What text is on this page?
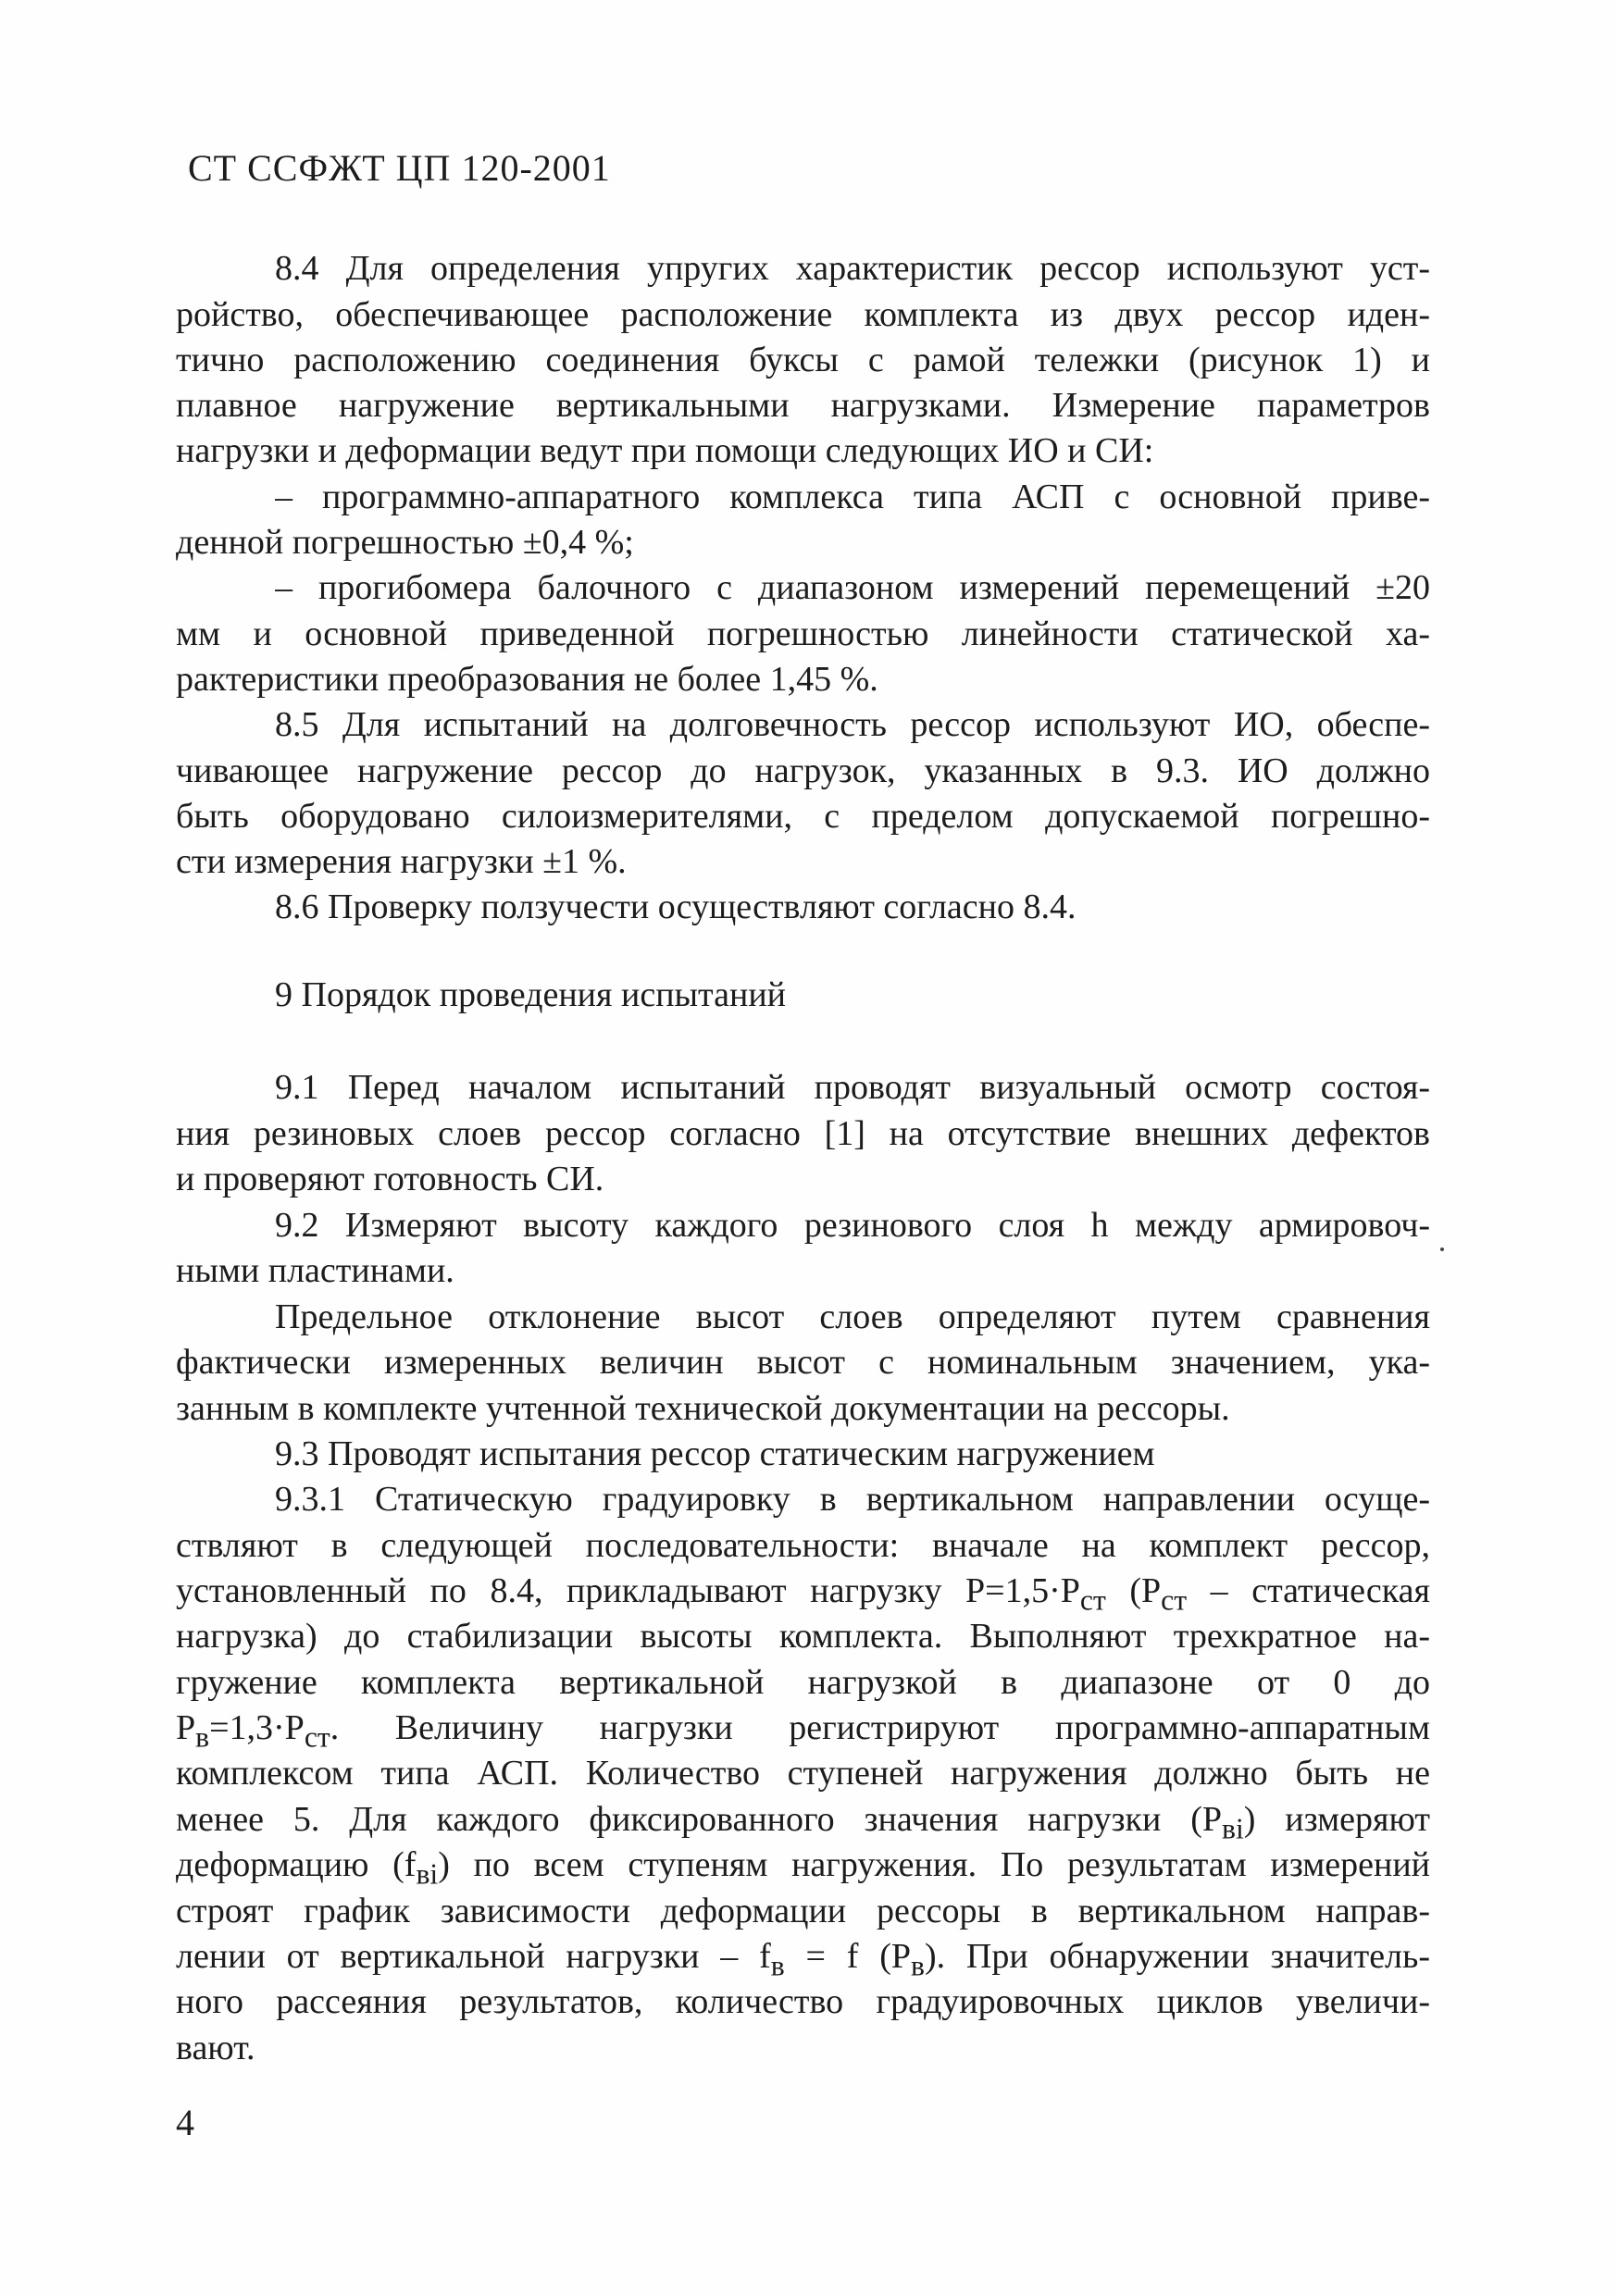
СТ ССФЖТ ЦП 120-2001
8.4 Для определения упругих характеристик рессор используют уст-
ройство, обеспечивающее расположение комплекта из двух рессор иден-
тично расположению соединения буксы с рамой тележки (рисунок 1) и
плавное нагружение вертикальными нагрузками. Измерение параметров
нагрузки и деформации ведут при помощи следующих ИО и СИ:
– программно-аппаратного комплекса типа АСП с основной приве-
денной погрешностью ±0,4 %;
– прогибомера балочного с диапазоном измерений перемещений ±20
мм и основной приведенной погрешностью линейности статической ха-
рактеристики преобразования не более 1,45 %.
8.5 Для испытаний на долговечность рессор используют ИО, обеспе-
чивающее нагружение рессор до нагрузок, указанных в 9.3. ИО должно
быть оборудовано силоизмерителями, с пределом допускаемой погрешно-
сти измерения нагрузки ±1 %.
8.6 Проверку ползучести осуществляют согласно 8.4.
9 Порядок проведения испытаний
9.1 Перед началом испытаний проводят визуальный осмотр состоя-
ния резиновых слоев рессор согласно [1] на отсутствие внешних дефектов
и проверяют готовность СИ.
9.2 Измеряют высоту каждого резинового слоя h между армировоч-
ными пластинами.
Предельное отклонение высот слоев определяют путем сравнения
фактически измеренных величин высот с номинальным значением, ука-
занным в комплекте учтенной технической документации на рессоры.
9.3 Проводят испытания рессор статическим нагружением
9.3.1 Статическую градуировку в вертикальном направлении осуще-
ствляют в следующей последовательности: вначале на комплект рессор,
установленный по 8.4, прикладывают нагрузку $P=1,5\cdot P_{ст}$ ($P_{ст}$ – статическая
нагрузка) до стабилизации высоты комплекта. Выполняют трехкратное на-
гружение комплекта вертикальной нагрузкой в диапазоне от 0 до
$P_в=1,3\cdot P_{ст}$. Величину нагрузки регистрируют программно-аппаратным
комплексом типа АСП. Количество ступеней нагружения должно быть не
менее 5. Для каждого фиксированного значения нагрузки $(P_{вi})$ измеряют
деформацию $(f_{вi})$ по всем ступеням нагружения. По результатам измерений
строят график зависимости деформации рессоры в вертикальном направ-
лении от вертикальной нагрузки – $f_в = f$ $(P_в)$. При обнаружении значитель-
ного рассеяния результатов, количество градуировочных циклов увеличи-
вают.
4
